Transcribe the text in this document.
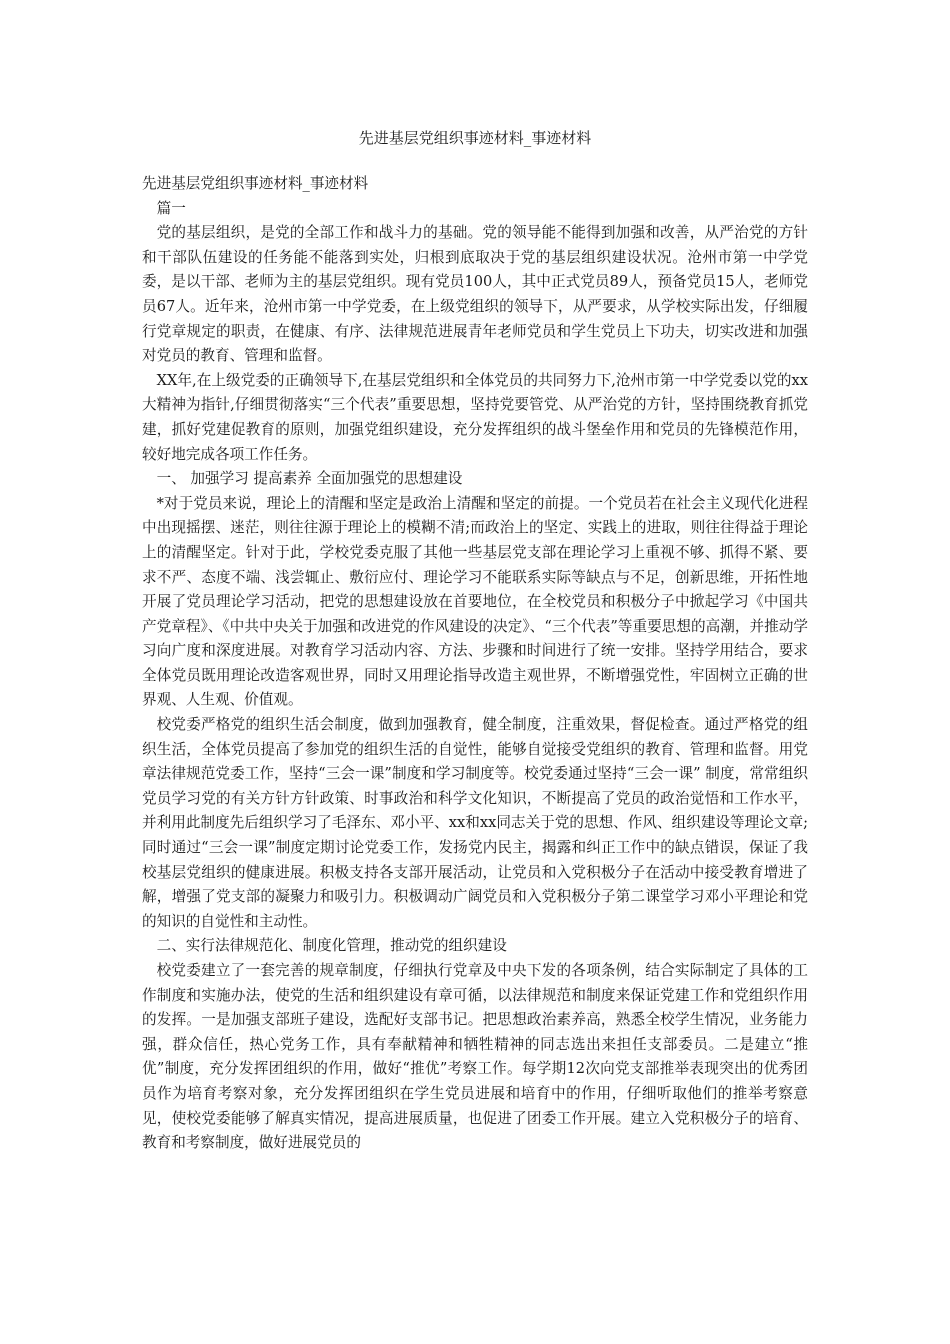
先进基层党组织事迹材料_事迹材料

先进基层党组织事迹材料_事迹材料

篇一

党的基层组织，是党的全部工作和战斗力的基础。党的领导能不能得到加强和改善，从严治党的方针和干部队伍建设的任务能不能落到实处，归根到底取决于党的基层组织建设状况。沧州市第一中学党委，是以干部、老师为主的基层党组织。现有党员100人，其中正式党员89人，预备党员15人，老师党员67人。近年来，沧州市第一中学党委，在上级党组织的领导下，从严要求，从学校实际出发，仔细履行党章规定的职责，在健康、有序、法律规范进展青年老师党员和学生党员上下功夫，切实改进和加强对党员的教育、管理和监督。

XX年,在上级党委的正确领导下,在基层党组织和全体党员的共同努力下,沧州市第一中学党委以党的xx大精神为指针,仔细贯彻落实“三个代表”重要思想，坚持党要管党、从严治党的方针，坚持围绕教育抓党建，抓好党建促教育的原则，加强党组织建设，充分发挥组织的战斗堡垒作用和党员的先锋模范作用，较好地完成各项工作任务。

一、 加强学习 提高素养 全面加强党的思想建设

*对于党员来说，理论上的清醒和坚定是政治上清醒和坚定的前提。一个党员若在社会主义现代化进程中出现摇摆、迷茫，则往往源于理论上的模糊不清;而政治上的坚定、实践上的进取，则往往得益于理论上的清醒坚定。针对于此，学校党委克服了其他一些基层党支部在理论学习上重视不够、抓得不紧、要求不严、态度不端、浅尝辄止、敷衍应付、理论学习不能联系实际等缺点与不足，创新思维，开拓性地开展了党员理论学习活动，把党的思想建设放在首要地位，在全校党员和积极分子中掀起学习《中国共产党章程》、《中共中央关于加强和改进党的作风建设的决定》、“三个代表”等重要思想的高潮，并推动学习向广度和深度进展。对教育学习活动内容、方法、步骤和时间进行了统一安排。坚持学用结合，要求全体党员既用理论改造客观世界，同时又用理论指导改造主观世界，不断增强党性，牢固树立正确的世界观、人生观、价值观。

校党委严格党的组织生活会制度，做到加强教育，健全制度，注重效果，督促检查。通过严格党的组织生活，全体党员提高了参加党的组织生活的自觉性，能够自觉接受党组织的教育、管理和监督。用党章法律规范党委工作，坚持“三会一课”制度和学习制度等。校党委通过坚持“三会一课” 制度，常常组织党员学习党的有关方针方针政策、时事政治和科学文化知识，不断提高了党员的政治觉悟和工作水平，并利用此制度先后组织学习了毛泽东、邓小平、xx和xx同志关于党的思想、作风、组织建设等理论文章;同时通过“三会一课”制度定期讨论党委工作，发扬党内民主，揭露和纠正工作中的缺点错误，保证了我校基层党组织的健康进展。积极支持各支部开展活动，让党员和入党积极分子在活动中接受教育增进了解，增强了党支部的凝聚力和吸引力。积极调动广阔党员和入党积极分子第二课堂学习邓小平理论和党的知识的自觉性和主动性。

二、实行法律规范化、制度化管理，推动党的组织建设

校党委建立了一套完善的规章制度，仔细执行党章及中央下发的各项条例，结合实际制定了具体的工作制度和实施办法，使党的生活和组织建设有章可循，以法律规范和制度来保证党建工作和党组织作用的发挥。一是加强支部班子建设，选配好支部书记。把思想政治素养高，熟悉全校学生情况，业务能力强，群众信任，热心党务工作，具有奉献精神和牺牲精神的同志选出来担任支部委员。二是建立“推优”制度，充分发挥团组织的作用，做好“推优”考察工作。每学期12次向党支部推举表现突出的优秀团员作为培育考察对象，充分发挥团组织在学生党员进展和培育中的作用，仔细听取他们的推举考察意见，使校党委能够了解真实情况，提高进展质量，也促进了团委工作开展。建立入党积极分子的培育、教育和考察制度，做好进展党员的
